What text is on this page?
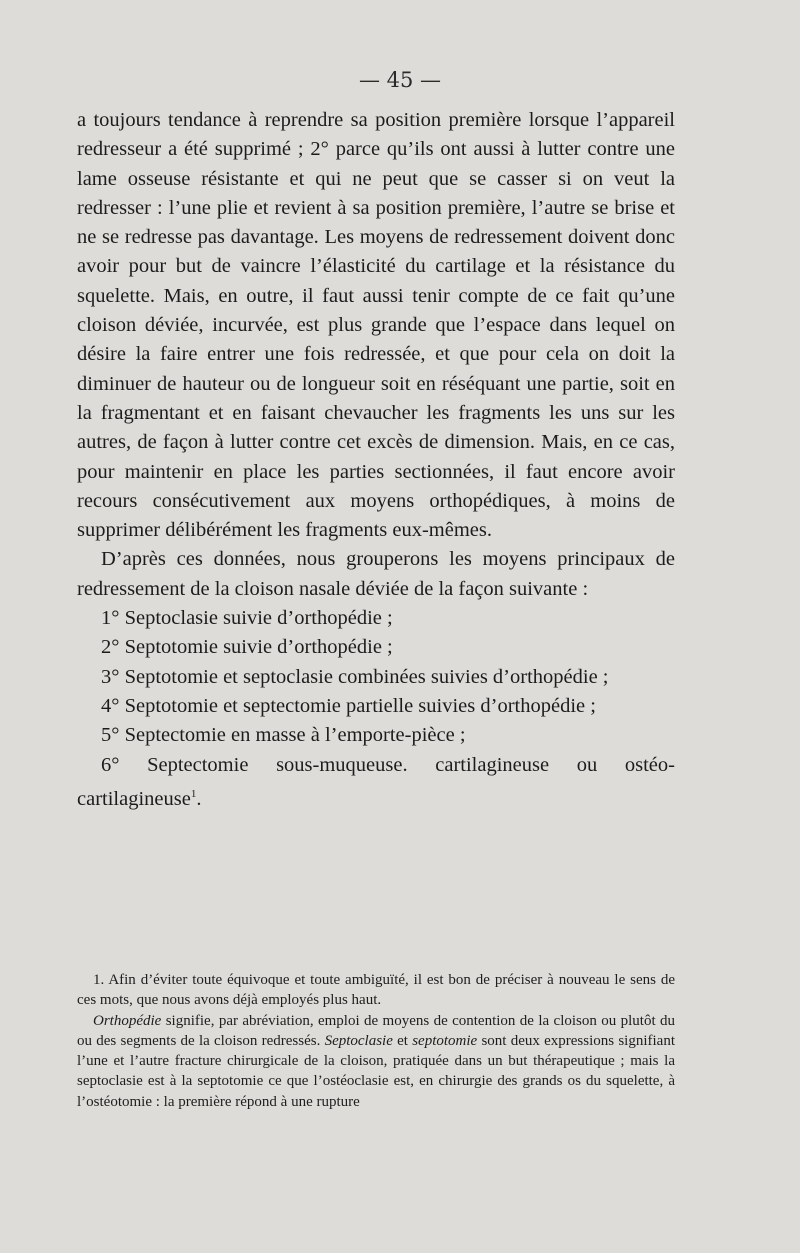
— 45 —

a toujours tendance à reprendre sa position première lorsque l’appareil redresseur a été supprimé ; 2° parce qu’ils ont aussi à lutter contre une lame osseuse résistante et qui ne peut que se casser si on veut la redresser : l’une plie et revient à sa position première, l’autre se brise et ne se redresse pas davantage. Les moyens de redressement doivent donc avoir pour but de vaincre l’élasticité du cartilage et la résistance du squelette. Mais, en outre, il faut aussi tenir compte de ce fait qu’une cloison déviée, incurvée, est plus grande que l’espace dans lequel on désire la faire entrer une fois redressée, et que pour cela on doit la diminuer de hauteur ou de longueur soit en réséquant une partie, soit en la fragmentant et en faisant chevaucher les fragments les uns sur les autres, de façon à lutter contre cet excès de dimension. Mais, en ce cas, pour maintenir en place les parties sectionnées, il faut encore avoir recours consécutivement aux moyens orthopédiques, à moins de supprimer délibérément les fragments eux-mêmes.

D’après ces données, nous grouperons les moyens principaux de redressement de la cloison nasale déviée de la façon suivante :

1° Septoclasie suivie d’orthopédie ;
2° Septotomie suivie d’orthopédie ;
3° Septotomie et septoclasie combinées suivies d’orthopédie ;
4° Septotomie et septectomie partielle suivies d’orthopédie ;
5° Septectomie en masse à l’emporte-pièce ;
6° Septectomie sous-muqueuse. cartilagineuse ou ostéo-cartilagineuse$^1$.

1. Afin d’éviter toute équivoque et toute ambiguïté, il est bon de préciser à nouveau le sens de ces mots, que nous avons déjà employés plus haut.

Orthopédie signifie, par abréviation, emploi de moyens de contention de la cloison ou plutôt du ou des segments de la cloison redressés. Septoclasie et septotomie sont deux expressions signifiant l’une et l’autre fracture chirurgicale de la cloison, pratiquée dans un but thérapeutique ; mais la septoclasie est à la septotomie ce que l’ostéoclasie est, en chirurgie des grands os du squelette, à l’ostéotomie : la première répond à une rupture
